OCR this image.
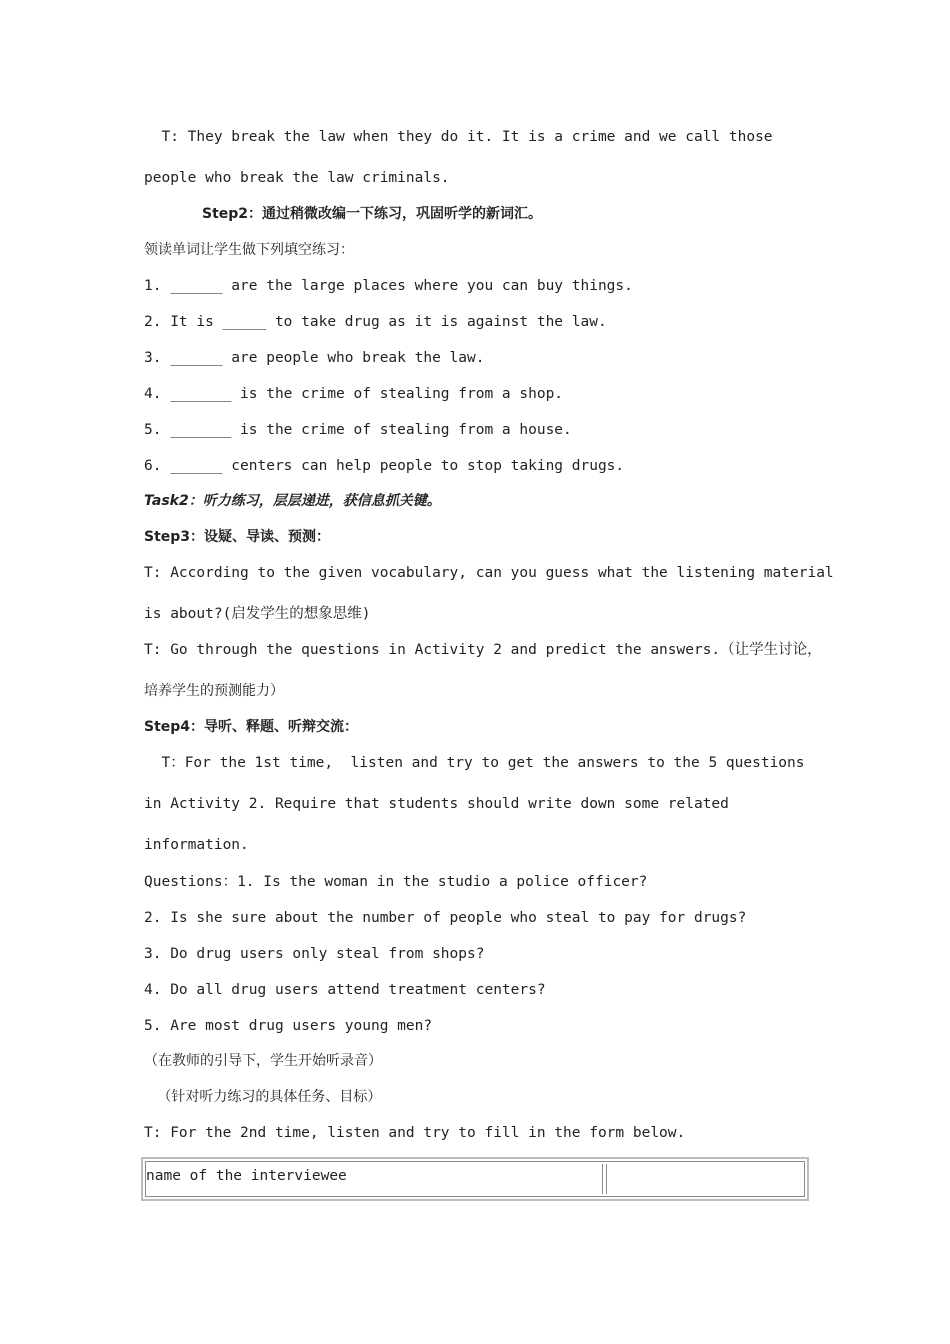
T: They break the law when they do it. It is a crime and we call those
people who break the law criminals.
Step2：通过稍微改编一下练习，巩固听学的新词汇。
领读单词让学生做下列填空练习：
1. ______ are the large places where you can buy things.
2. It is _____ to take drug as it is against the law.
3. ______ are people who break the law.
4. _______ is the crime of stealing from a shop.
5. _______ is the crime of stealing from a house.
6. ______ centers can help people to stop taking drugs.
Task2：听力练习，层层递进，获信息抓关键。
Step3：设疑、导读、预测：
T: According to the given vocabulary, can you guess what the listening material
is about?(启发学生的想象思维)
T: Go through the questions in Activity 2 and predict the answers.（让学生讨论，
培养学生的预测能力）
Step4：导听、释题、听辩交流：
T：For the 1st time,  listen and try to get the answers to the 5 questions
in Activity 2. Require that students should write down some related
information.
Questions：1. Is the woman in the studio a police officer?
2. Is she sure about the number of people who steal to pay for drugs?
3. Do drug users only steal from shops?
4. Do all drug users attend treatment centers?
5. Are most drug users young men?
（在教师的引导下，学生开始听录音）
（针对听力练习的具体任务、目标）
T: For the 2nd time, listen and try to fill in the form below.
name of the interviewee
